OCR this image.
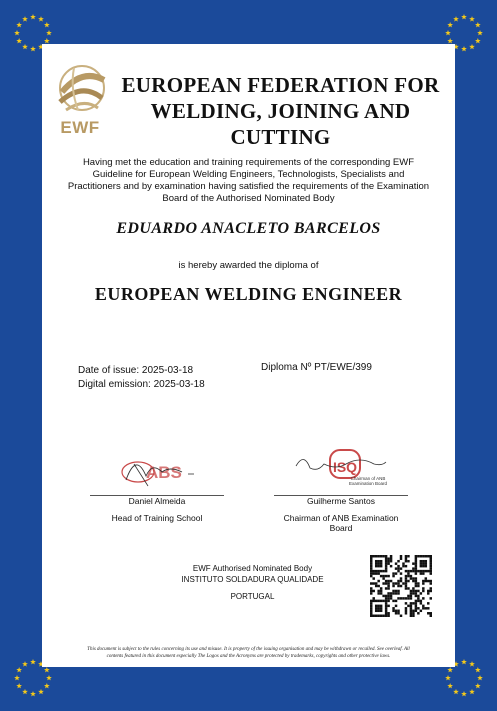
EWF
EUROPEAN FEDERATION FOR
WELDING, JOINING AND CUTTING
Having met the education and training requirements of the corresponding EWF Guideline for European Welding Engineers, Technologists, Specialists and Practitioners and by examination having satisfied the requirements of the Examination Board of the Authorised Nominated Body
EDUARDO ANACLETO BARCELOS
is hereby awarded the diploma of
EUROPEAN WELDING ENGINEER
Date of issue: 2025-03-18
Digital emission: 2025-03-18
Diploma Nº PT/EWE/399
ABS	ISQ
Chairman of ANB Examination Board
Daniel Almeida
Head of Training School
Guilherme Santos
Chairman of ANB Examination Board
EWF Authorised Nominated Body
INSTITUTO SOLDADURA QUALIDADE
PORTUGAL
This document is subject to the rules concerning its use and misuse. It is property of the issuing organisation and may be withdrawn or recalled. See overleaf. All contents featured in this document especially The Logos and the Acronyms are protected by trademarks, copyrights and other protective laws.
